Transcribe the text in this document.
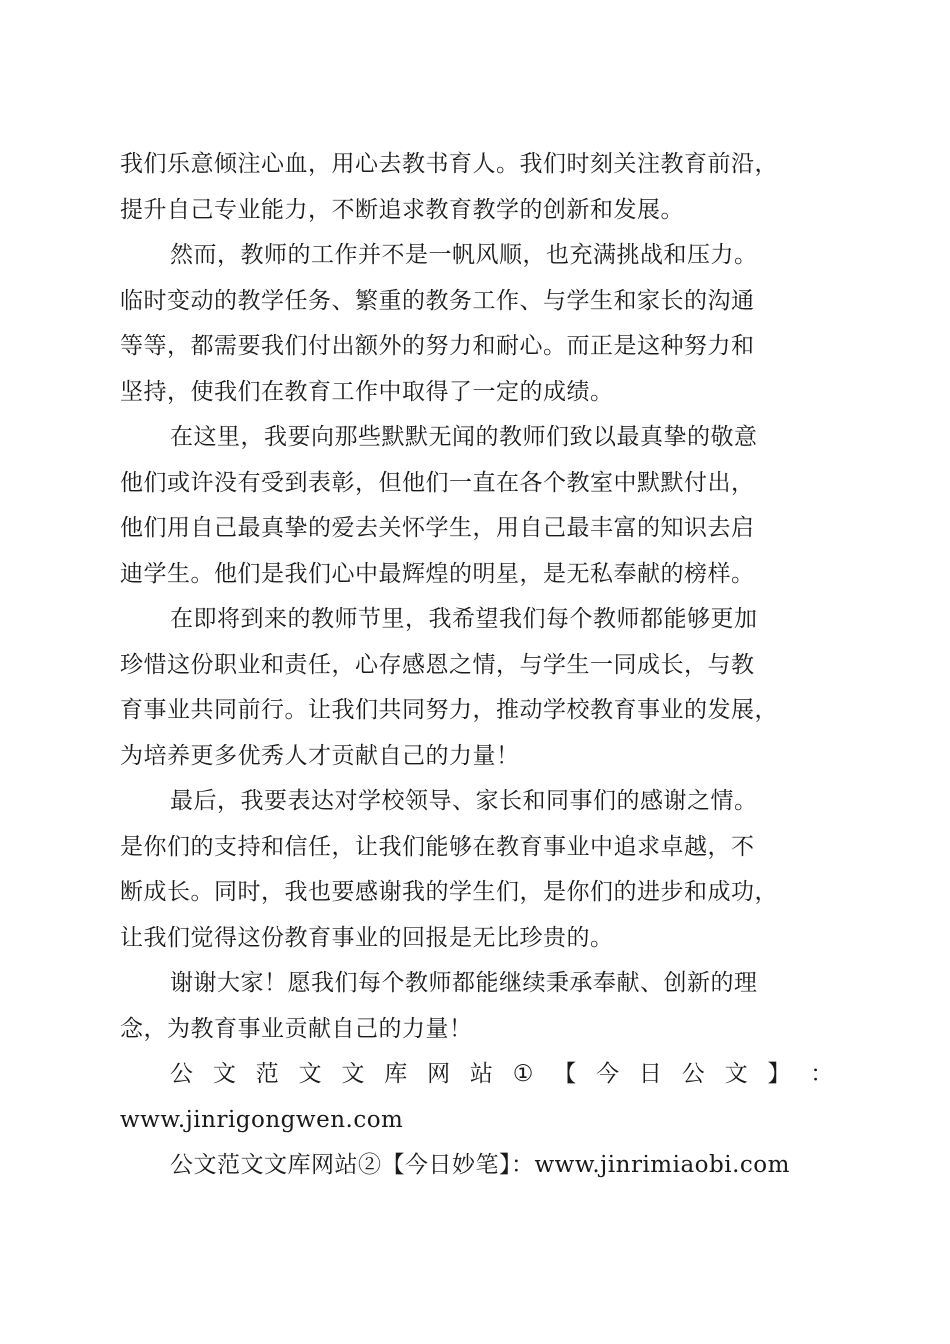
我们乐意倾注心血，用心去教书育人。我们时刻关注教育前沿，
提升自己专业能力，不断追求教育教学的创新和发展。
然而，教师的工作并不是一帆风顺，也充满挑战和压力。
临时变动的教学任务、繁重的教务工作、与学生和家长的沟通
等等，都需要我们付出额外的努力和耐心。而正是这种努力和
坚持，使我们在教育工作中取得了一定的成绩。
在这里，我要向那些默默无闻的教师们致以最真挚的敬意
他们或许没有受到表彰，但他们一直在各个教室中默默付出，
他们用自己最真挚的爱去关怀学生，用自己最丰富的知识去启
迪学生。他们是我们心中最辉煌的明星，是无私奉献的榜样。
在即将到来的教师节里，我希望我们每个教师都能够更加
珍惜这份职业和责任，心存感恩之情，与学生一同成长，与教
育事业共同前行。让我们共同努力，推动学校教育事业的发展，
为培养更多优秀人才贡献自己的力量！
最后，我要表达对学校领导、家长和同事们的感谢之情。
是你们的支持和信任，让我们能够在教育事业中追求卓越，不
断成长。同时，我也要感谢我的学生们，是你们的进步和成功，
让我们觉得这份教育事业的回报是无比珍贵的。
谢谢大家！愿我们每个教师都能继续秉承奉献、创新的理
念，为教育事业贡献自己的力量！
公 文 范 文 文 库 网 站 ① 【 今 日 公 文 】 ：
www.jinrigongwen.com
公文范文文库网站②【今日妙笔】：www.jinrimiaobi.com
